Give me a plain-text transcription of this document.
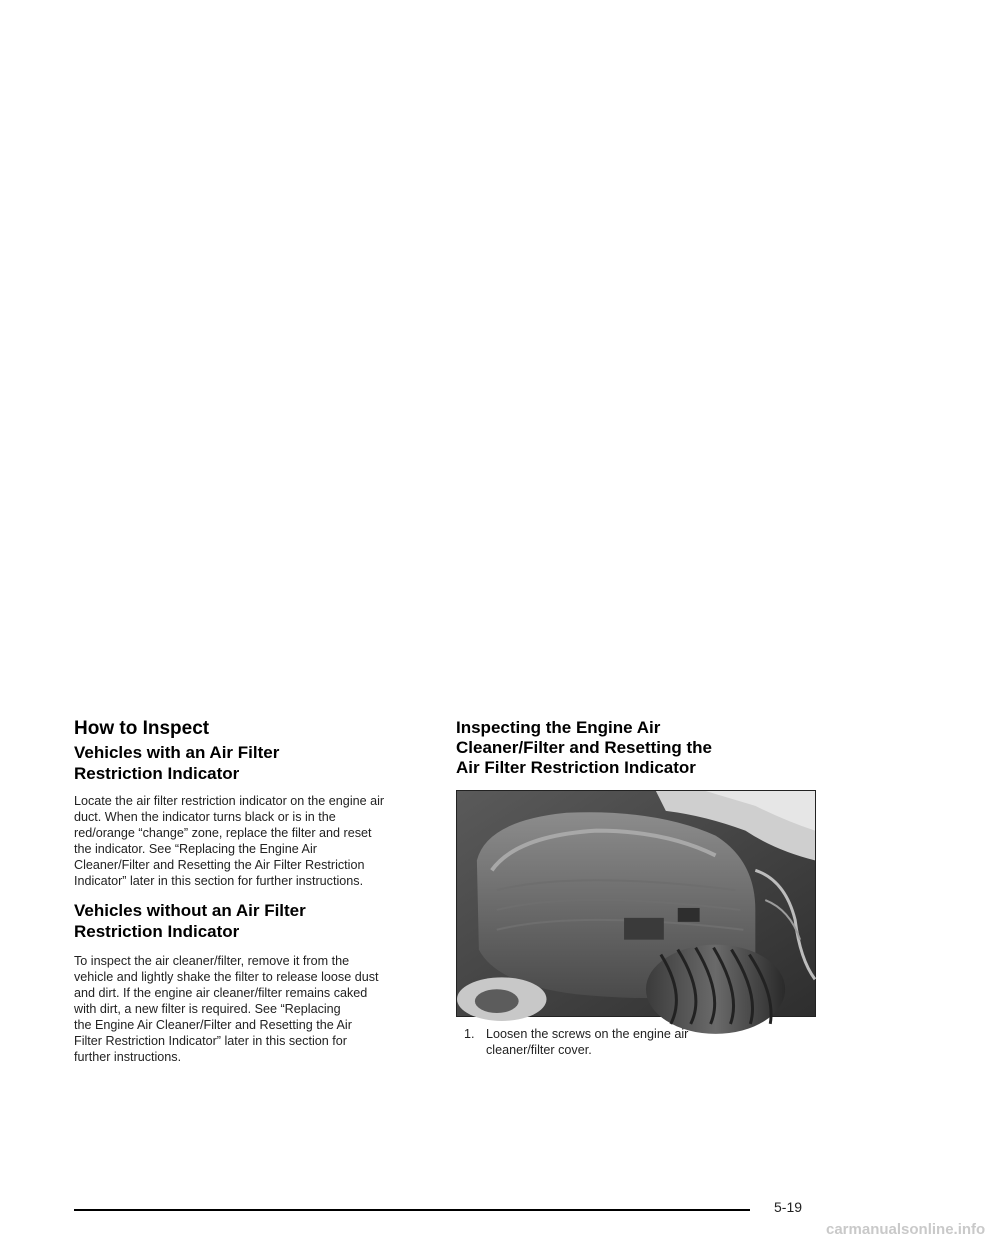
How to Inspect
Vehicles with an Air Filter
Restriction Indicator

Locate the air filter restriction indicator on the engine air
duct. When the indicator turns black or is in the
red/orange “change” zone, replace the filter and reset
the indicator. See “Replacing the Engine Air
Cleaner/Filter and Resetting the Air Filter Restriction
Indicator” later in this section for further instructions.

Vehicles without an Air Filter
Restriction Indicator

To inspect the air cleaner/filter, remove it from the
vehicle and lightly shake the filter to release loose dust
and dirt. If the engine air cleaner/filter remains caked
with dirt, a new filter is required. See “Replacing
the Engine Air Cleaner/Filter and Resetting the Air
Filter Restriction Indicator” later in this section for
further instructions.

Inspecting the Engine Air
Cleaner/Filter and Resetting the
Air Filter Restriction Indicator

1. Loosen the screws on the engine air
cleaner/filter cover.

5-19
carmanualsonline.info
